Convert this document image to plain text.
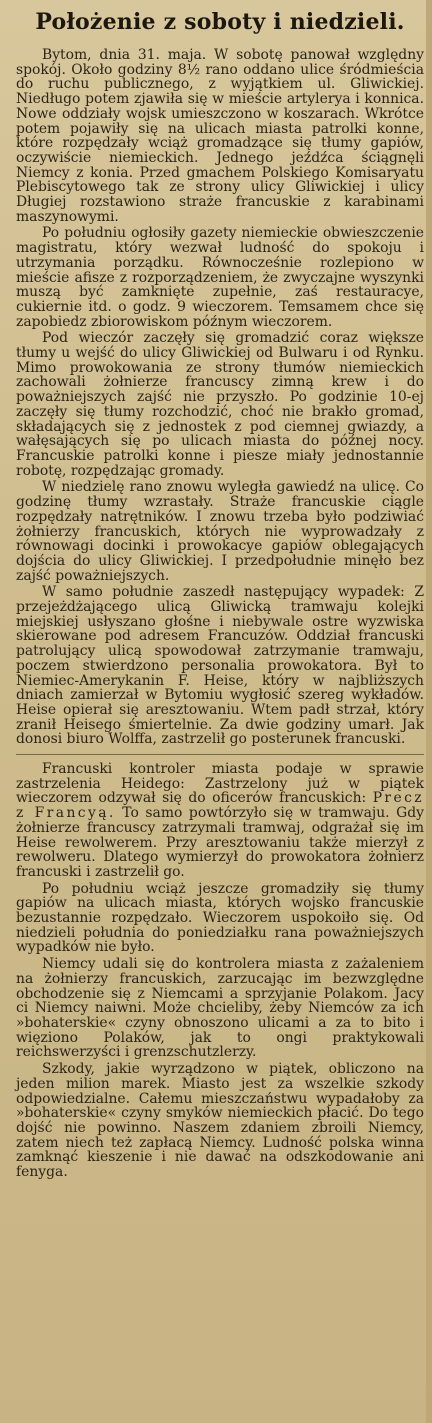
Położenie z soboty i niedzieli.

Bytom, dnia 31. maja. W sobotę panował względny spokój. Około godziny 8½ rano oddano ulice śródmieścia do ruchu publicznego, z wyjątkiem ul. Gliwickiej. Niedługo potem zjawiła się w mieście artylerya i konnica. Nowe oddziały wojsk umieszczono w koszarach. Wkrótce potem pojawiły się na ulicach miasta patrolki konne, które rozpędzały wciąż gromadzące się tłumy gapiów, oczywiście niemieckich. Jednego jeźdźca ściągnęli Niemcy z konia. Przed gmachem Polskiego Komisaryatu Plebiscytowego tak ze strony ulicy Gliwickiej i ulicy Długiej rozstawiono straże francuskie z karabinami maszynowymi.

Po południu ogłosiły gazety niemieckie obwieszczenie magistratu, który wezwał ludność do spokoju i utrzymania porządku. Równocześnie rozlepiono w mieście afisze z rozporządzeniem, że zwyczajne wyszynki muszą być zamknięte zupełnie, zaś restauracye, cukiernie itd. o godz. 9 wieczorem. Temsamem chce się zapobiedz zbiorowiskom późnym wieczorem.

Pod wieczór zaczęły się gromadzić coraz większe tłumy u wejść do ulicy Gliwickiej od Bulwaru i od Rynku. Mimo prowokowania ze strony tłumów niemieckich zachowali żołnierze francuscy zimną krew i do poważniejszych zajść nie przyszło. Po godzinie 10-ej zaczęły się tłumy rozchodzić, choć nie brakło gromad, składających się z jednostek z pod ciemnej gwiazdy, a wałęsających się po ulicach miasta do późnej nocy. Francuskie patrolki konne i piesze miały jednostannie robotę, rozpędzając gromady.

W niedzielę rano znowu wyległa gawiedź na ulicę. Co godzinę tłumy wzrastały. Straże francuskie ciągle rozpędzały natrętników. I znowu trzeba było podziwiać żołnierzy francuskich, których nie wyprowadzały z równowagi docinki i prowokacye gapiów oblegających dojścia do ulicy Gliwickiej. I przedpołudnie minęło bez zajść poważniejszych.

W samo południe zaszedł następujący wypadek: Z przejeżdżającego ulicą Gliwicką tramwaju kolejki miejskiej usłyszano głośne i niebywale ostre wyzwiska skierowane pod adresem Francuzów. Oddział francuski patrolujący ulicą spowodował zatrzymanie tramwaju, poczem stwierdzono personalia prowokatora. Był to Niemiec-Amerykanin F. Heise, który w najbliższych dniach zamierzał w Bytomiu wygłosić szereg wykładów. Heise opierał się aresztowaniu. Wtem padł strzał, który zranił Heisego śmiertelnie. Za dwie godziny umarł. Jak donosi biuro Wolffa, zastrzelił go posterunek francuski.

Francuski kontroler miasta podaje w sprawie zastrzelenia Heidego: Zastrzelony już w piątek wieczorem odzywał się do oficerów francuskich: Precz z Francyą. To samo powtórzyło się w tramwaju. Gdy żołnierze francuscy zatrzymali tramwaj, odgrażał się im Heise rewolwerem. Przy aresztowaniu także mierzył z rewolweru. Dlatego wymierzył do prowokatora żołnierz francuski i zastrzelił go.

Po południu wciąż jeszcze gromadziły się tłumy gapiów na ulicach miasta, których wojsko francuskie bezustannie rozpędzało. Wieczorem uspokoiło się. Od niedzieli południa do poniedziałku rana poważniejszych wypadków nie było.

Niemcy udali się do kontrolera miasta z zażaleniem na żołnierzy francuskich, zarzucając im bezwzględne obchodzenie się z Niemcami a sprzyjanie Polakom. Jacy ci Niemcy naiwni. Może chcieliby, żeby Niemców za ich »bohaterskie« czyny obnoszono ulicami a za to bito i więziono Polaków, jak to ongi praktykowali reichswerzyści i grenzschutzlerzy.

Szkody, jakie wyrządzono w piątek, obliczono na jeden milion marek. Miasto jest za wszelkie szkody odpowiedzialne. Całemu mieszczaństwu wypadałoby za »bohaterskie« czyny smyków niemieckich płacić. Do tego dojść nie powinno. Naszem zdaniem zbroili Niemcy, zatem niech też zapłacą Niemcy. Ludność polska winna zamknąć kieszenie i nie dawać na odszkodowanie ani fenyga.
